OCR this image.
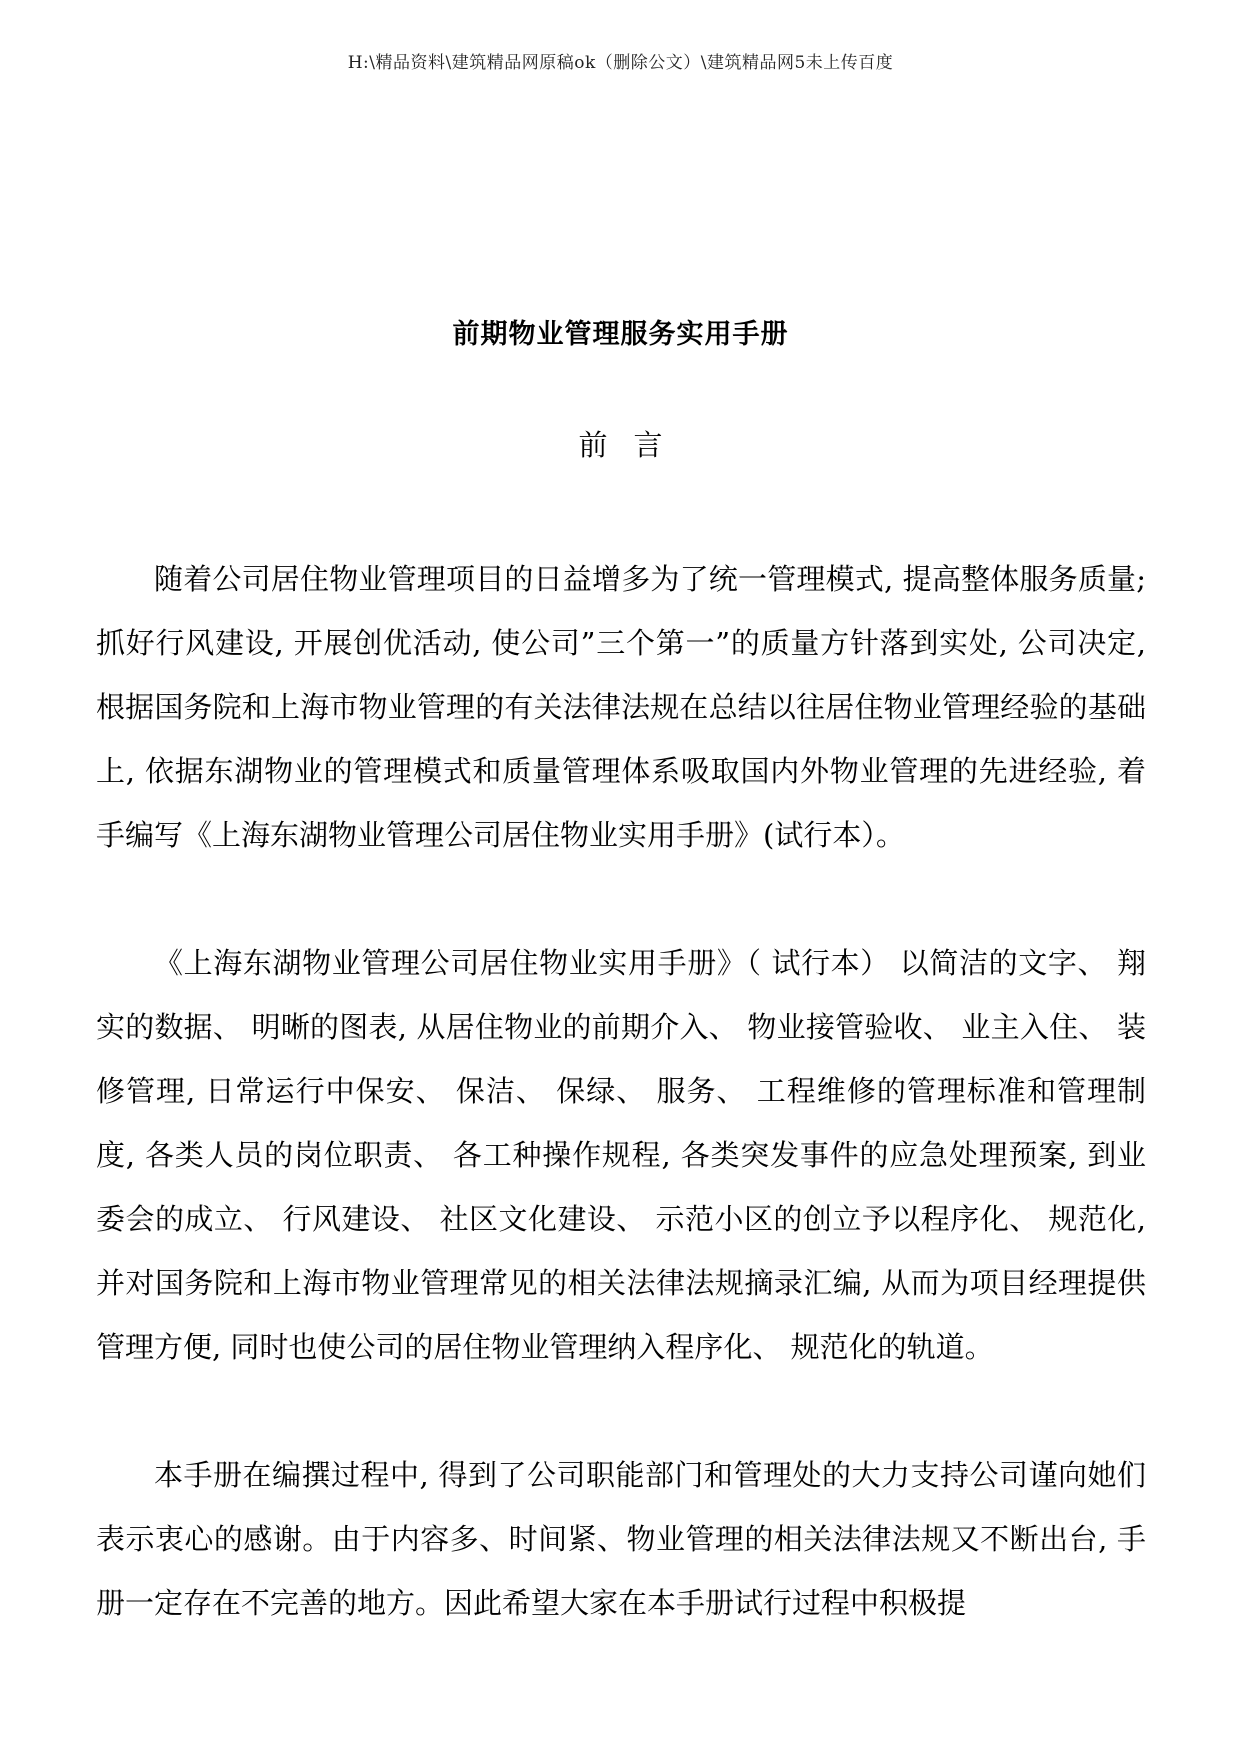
H:\精品资料\建筑精品网原稿ok（删除公文）\建筑精品网5未上传百度
前期物业管理服务实用手册
前言

随着公司居住物业管理项目的日益增多为了统一管理模式, 提高整体服务质量; 抓好行风建设, 开展创优活动, 使公司”三个第一”的质量方针落到实处, 公司决定, 根据国务院和上海市物业管理的有关法律法规在总结以往居住物业管理经验的基础上, 依据东湖物业的管理模式和质量管理体系吸取国内外物业管理的先进经验, 着手编写《上海东湖物业管理公司居住物业实用手册》(试行本）。

《上海东湖物业管理公司居住物业实用手册》（ 试行本） 以简洁的文字、 翔实的数据、 明晰的图表, 从居住物业的前期介入、 物业接管验收、 业主入住、 装修管理, 日常运行中保安、 保洁、 保绿、 服务、 工程维修的管理标准和管理制度, 各类人员的岗位职责、 各工种操作规程, 各类突发事件的应急处理预案, 到业委会的成立、 行风建设、 社区文化建设、 示范小区的创立予以程序化、 规范化, 并对国务院和上海市物业管理常见的相关法律法规摘录汇编, 从而为项目经理提供管理方便, 同时也使公司的居住物业管理纳入程序化、 规范化的轨道。

本手册在编撰过程中, 得到了公司职能部门和管理处的大力支持公司谨向她们表示衷心的感谢。由于内容多、时间紧、物业管理的相关法律法规又不断出台, 手册一定存在不完善的地方。因此希望大家在本手册试行过程中积极提
